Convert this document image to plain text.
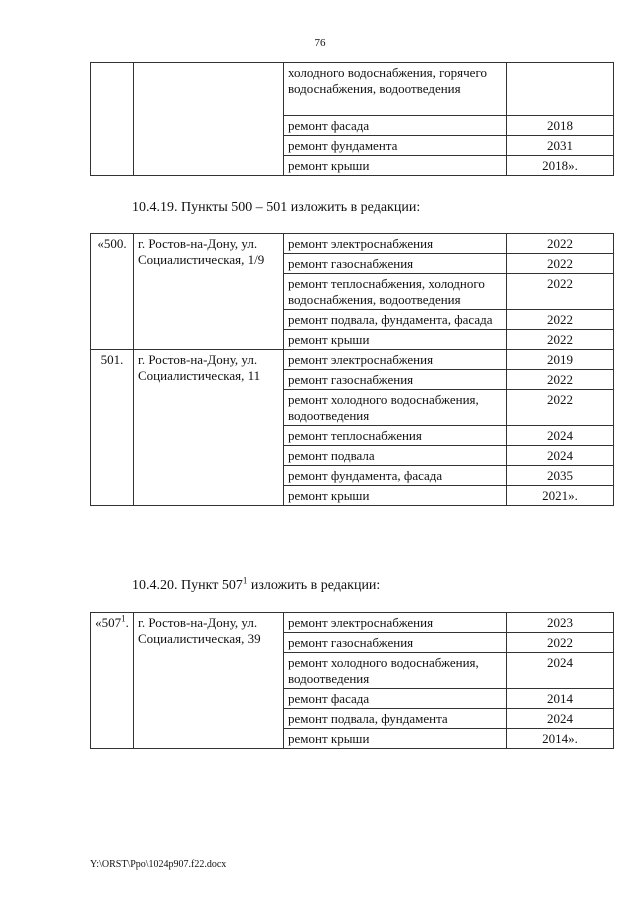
76
		холодного водоснабжения, горячего водоснабжения, водоотведения	
		ремонт фасада	2018
		ремонт фундамента	2031
		ремонт крыши	2018».
10.4.19. Пункты 500 – 501 изложить в редакции:
«500.	г. Ростов-на-Дону, ул. Социалистическая, 1/9	ремонт электроснабжения	2022
		ремонт газоснабжения	2022
		ремонт теплоснабжения, холодного водоснабжения, водоотведения	2022
		ремонт подвала, фундамента, фасада	2022
		ремонт крыши	2022
501.	г. Ростов-на-Дону, ул. Социалистическая, 11	ремонт электроснабжения	2019
		ремонт газоснабжения	2022
		ремонт холодного водоснабжения, водоотведения	2022
		ремонт теплоснабжения	2024
		ремонт подвала	2024
		ремонт фундамента, фасада	2035
		ремонт крыши	2021».
10.4.20. Пункт $507^1$ изложить в редакции:
«$507^1$.	г. Ростов-на-Дону, ул. Социалистическая, 39	ремонт электроснабжения	2023
		ремонт газоснабжения	2022
		ремонт холодного водоснабжения, водоотведения	2024
		ремонт фасада	2014
		ремонт подвала, фундамента	2024
		ремонт крыши	2014».
Y:\ORST\Ppo\1024p907.f22.docx
